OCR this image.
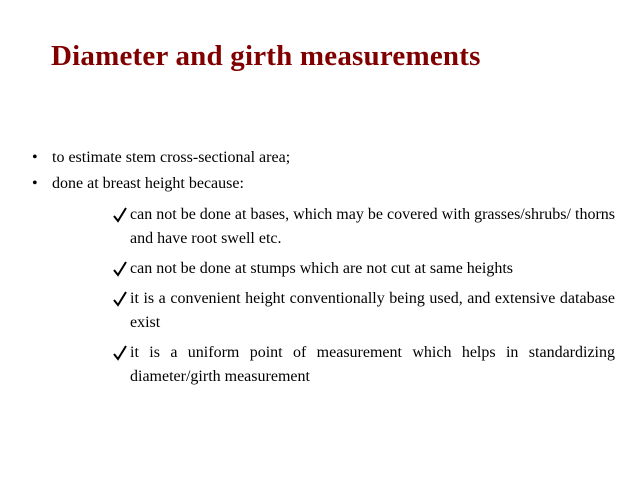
Diameter and girth measurements
• to estimate stem cross-sectional area;
• done at breast height because:
can not be done at bases, which may be covered with grasses/shrubs/ thorns and have root swell etc.
can not be done at stumps which are not cut at same heights
it is a convenient height conventionally being used, and extensive database exist
it is a uniform point of measurement which helps in standardizing diameter/girth measurement
